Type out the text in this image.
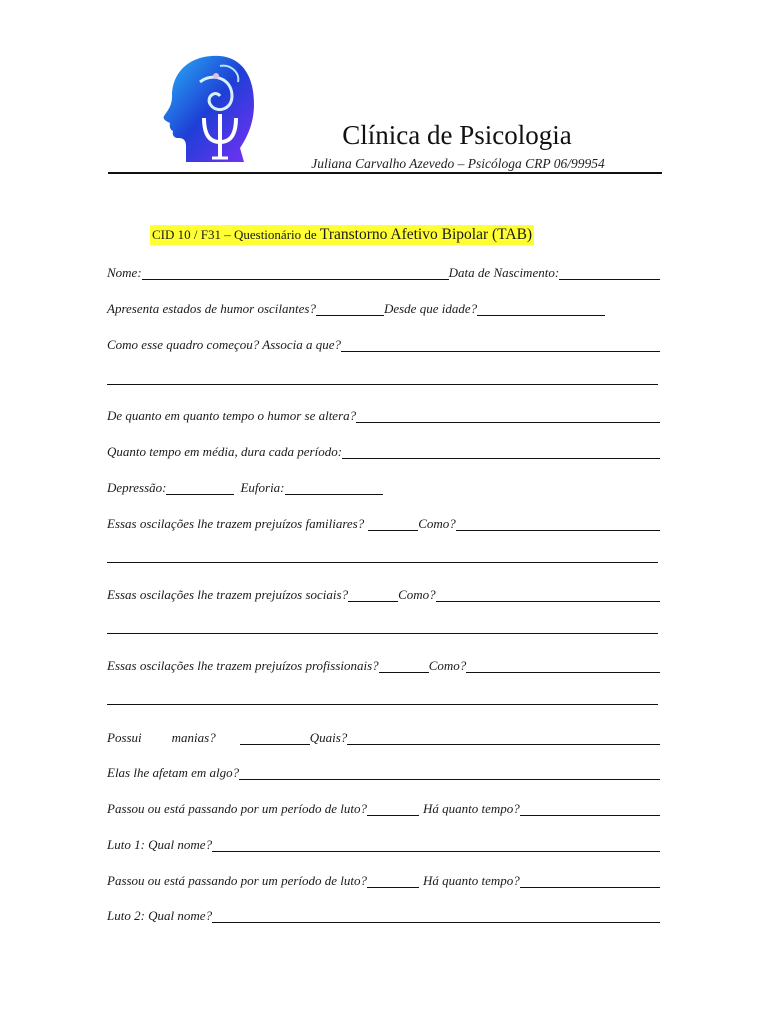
Clínica de Psicologia
Juliana Carvalho Azevedo – Psicóloga CRP 06/99954
CID 10 / F31 – Questionário de Transtorno Afetivo Bipolar (TAB)
Nome:	Data de Nascimento:
Apresenta estados de humor oscilantes?	Desde que idade?
Como esse quadro começou? Associa a que?
De quanto em quanto tempo o humor se altera?
Quanto tempo em média, dura cada período:
Depressão:	Euforia:
Essas oscilações lhe trazem prejuízos familiares?	Como?
Essas oscilações lhe trazem prejuízos sociais?	Como?
Essas oscilações lhe trazem prejuízos profissionais?	Como?
Possui manias?	Quais?
Elas lhe afetam em algo?
Passou ou está passando por um período de luto?	Há quanto tempo?
Luto 1: Qual nome?
Passou ou está passando por um período de luto?	Há quanto tempo?
Luto 2: Qual nome?
